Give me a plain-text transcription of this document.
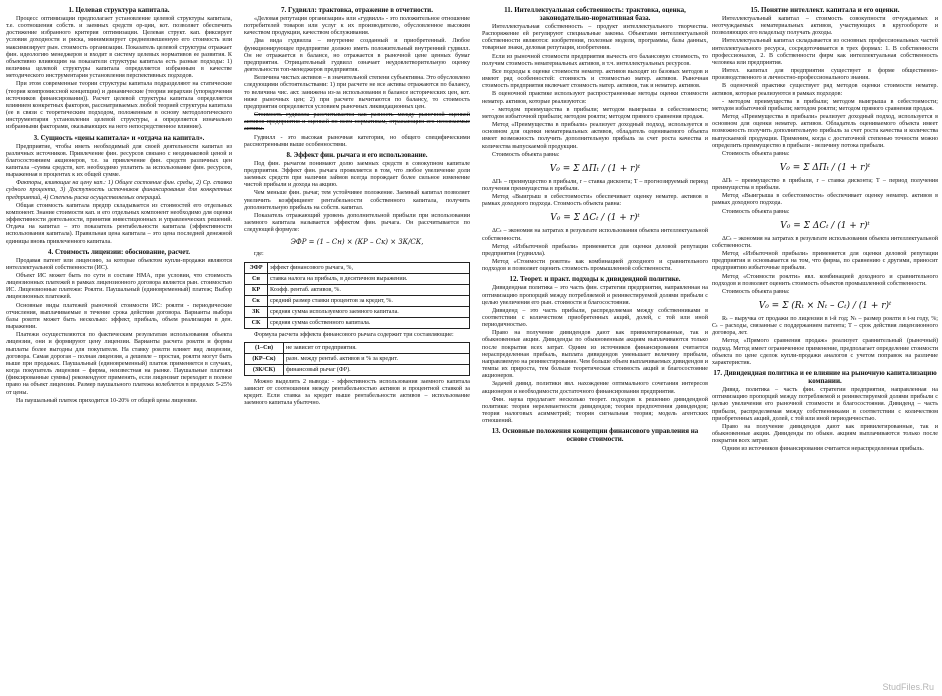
1. Целевая структура капитала.

Процесс оптимизации предполагает установление целевой структуры капитала, т.е. соотношения собств. и заемных средств ор-ции, кот. позволяет обеспечить достижение избранного критерия оптимизации. Целевая структ. кап. фиксирует условия доходности и риска, минимизирует средневзвешенную его стоимость или максимизирует рын. стоимость организации. Показатель целевой структуры отражает фин. идеологию менеджеров и входит в систему целевых нормативов ее развития. К объективно влияющим на показатели структуры капитала есть разные подходы: 1) величина целевой структуры капитала определяется избранным в качестве методического инструментария установления перспективных подходов.

При этом современные теории структуры капитала подразделяют на статические (теория компромиссной концепции) и динамические (теории иерархии (упорядочения источников финансирования)). Расчет целевой структуры капитала определяется влиянием конкретных факторов, рассматриваемых любой теорией структуры капитала (ее в связи с теоретическим подходом, положенным в основу методологического инструментария установления целевой структуры, а определяется изначально избранными факторами, оказывающих на него непосредственное влияние).

3. Сущность «цены капитала» и «отдача на капитал».

Предприятие, чтобы иметь необходимый для своей деятельности капитал из различных источников. Привлечение фин. ресурсов связано с неодинаковой ценой и благосостоянием акционеров, т.е. за привлечение фин. средств различных цен капитала –сумма средств, кот. необходимо уплатить за использование фин. ресурсов, выраженная в процентах к их общей сумме.

Факторы, влияющие на цену кап.: 1) Общее состояние фин. среды, 2) Ср. ставка судного процента, 3) Доступность источников финансирования для конкретных предприятий, 4) Степень риска осуществляемых операций.

Общая стоимость капитала предпр складывается из стоимостей его отдельных компонент. Знание стоимости кап. и его отдельных компонент необходимо для оценки эффективности деятельности, принятия инвестиционных и управленческих решений. Отдача на капитал – это показатель рентабельности капитала (эффективности использования капитала). Правильная цена капитала – это цена последней денежной единицы вновь привлеченного капитала.

4. Стоимость лицензии: обоснование, расчет.

Продавая патент или лицензию, за которые объектом купли-продажи являются интеллектуальной собственности (ИС).

Объект ИС может быть по сути в составе НМА, при условии, что стоимость лицензионных платежей в рамках лицензионного договора является рын. стоимостью ИС. Лицензионные платежи: Роялти. Паушальный (единовременный) платеж; Выбор лицензионных платежей.

Основные виды платежей рыночной стоимости ИС: роялти - периодические отчисления, выплачиваемые в течение срока действия договора. Варианты выбора базы роялти может быть несколько: эффект, прибыль, объем реализации в ден. выражении.

Платежи осуществляются по фактическим результатам использования объекта лицензии, они и формируют цену лицензии. Варианты расчета роялти и формы выплаты более выгодны для покупателя. На ставку роялти влияет вид лицензии, договора. Самая дорогая – полная лицензия, а дешевле – простая, роялти могут быть выше при продажах. Паушальный (единовременный) платеж применяется в случаях, когда покупатель лицензии – фирма, неизвестная на рынке. Паушальные платежи (фиксированные суммы) рекомендуют применять, если лицензиат переходит в полное право на объект лицензии. Размер паушального платежа колеблется в пределах 5-25% от цены.

На паушальный платеж приходится 10-20% от общей цены лицензии.

7. Гудвилл: трактовка, отражение в отчетности.

«Деловая репутация организации» или «гудвилл» - это положительное отношение потребителей товаров или услуг к их производителю, обусловленное высоким качеством продукции, качеством обслуживания.

Два вида гудвилла – внутренне созданный и приобретенный. Любое функционирующее предприятие должно иметь положительный внутренний гудвилл. Он не отражается в балансе, но отражается в рыночной цене ценных бумаг предприятия. Отрицательный гудвилл означает неудовлетворительную оценку деятельности топ-менеджеров предприятия.

Величина чистых активов – в значительной степени субъективна. Это обусловлено следующими обстоятельствами: 1) при расчете не все активы отражаются по балансу, то величина чис. акт. занижена из-за использования в балансе исторических цен, кот. ниже рыночных цен; 2) при расчете вычитаются по балансу, то стоимость предприятия определяется условием рыночных ликвидационных цен.

Стоимость гудвилла рассчитывается как разность между рыночной оценкой активов предприятия и оценкой по всем нормативам, отражающим его неосязаемые активы.

Гудвилл - это высокая рыночная категория, но общего специфическими рассмотренными выше особенностями.

8. Эффект фин. рычага и его использование.

Под фин. рычагом понимают долю заемных средств в совокупном капитале предприятия. Эффект фин. рычага проявляется в том, что любое увеличение доли заемных средств при наличии займов всегда порождает более сильное изменение чистой прибыли и дохода на акцию.

Чем меньше фин. рычаг, тем устойчивее положение. Заемный капитал позволяет увеличить коэффициент рентабельности собственного капитала, получить дополнительную прибыль на собств. капитал.

Показатель отражающий уровень дополнительной прибыли при использовании заемного капитала называется эффектом фин. рычага. Он рассчитывается по следующей формуле:

ЭФР = (1 – Сн) × (КР – Ск) × ЗК/СК,

где:

ЭФР	эффект финансового рычага, %,
Сн	ставка налога на прибыль, в десятичном выражении.
КР	Коэфф. рентаб. активов, %.
Ск	средний размер ставки процентов за кредит, %.
ЗК	средняя сумма используемого заемного капитала.
СК	средняя сумма собственного капитала.

Формула расчета эффекта финансового рычага содержит три составляющие:

(1–Сн)	не зависит от предприятия.
(КР–Ск)	разн. между рентаб. активов и % за кредит.
(ЗК/СК)	финансовый рычаг (ФР).

Можно выделить 2 вывода: - эффективность использования заемного капитала зависит от соотношения между рентабельностью активов и процентной ставкой за кредит. Если ставка за кредит выше рентабельности активов – использование заемного капитала убыточно.

11. Интеллектуальная собственность: трактовка, оценка, законодательно-нормативная база.

Интеллектуальная собственность – продукт интеллектуального творчества. Распоряжение ей регулируют специальные законы. Объектами интеллектуальной собственности являются: изобретения, полезные модели, программы, базы данных, товарные знаки, деловая репутация, изобретения.

Если из рыночной стоимости предприятия вычесть его балансовую стоимость, то получим стоимость нематериальных активов, в т.ч. интеллектуальных ресурсов.

Все подходы к оценке стоимости нематер. активов выходят из базовых методов и имеют ряд особенностей: стоимость и стоимостью матер. активов. Рыночная стоимость предприятия включает стоимость матер. активов, так и нематер. активов.

В оценочной практике используют распространенные методы оценки стоимости нематер. активов, которые реализуются:

- методом преимущества в прибыли; методом выигрыша в себестоимости; методом избыточной прибыли; методом роялти; методом прямого сравнения продаж.

Метод «Преимущества в прибыли» реализует доходный подход, используется в основном для оценки нематериальных активов, обладатель оцениваемого объекта имеет возможность получить дополнительную прибыль за счет роста качества и количества выпускаемой продукции.

Стоимость объекта равна:

V₀ = Σ ΔПₜ / (1 + r)ᵗ

ΔПₜ – преимущество в прибыли, r – ставка дисконта; Т – прогнозируемый период получения преимущества в прибыли.

Метод «Выигрыш в себестоимости» обеспечивает оценку нематер. активов в рамках доходного подхода. Стоимость объекта равна:

V₀ = Σ ΔCₜ / (1 + r)ᵗ

ΔCₜ – экономия на затратах в результате использования объекта интеллектуальной собственности.

Метод «Избыточной прибыли» применяется для оценки деловой репутации предприятия (гудвилла).

Метод «Стоимости роялти» как комбинацией доходного и сравнительного подходов и позволяет оценить стоимость промышленной собственности.

12. Теорет. и практ. подходы к дивидендной политике.

Дивидендная политика – это часть фин. стратегии предприятия, направленная на оптимизацию пропорций между потребляемой и реинвестируемой долями прибыли с целью увеличения его рын. стоимости и благосостояния.

Дивиденд – это часть прибыли, распределяемая между собственниками в соответствии с количеством приобретенных акций, долей, с той или иной периодичностью.

Право на получение дивидендов дают как привилегированные, так и обыкновенные акции. Дивиденды по обыкновенным акциям выплачиваются только после покрытия всех затрат. Одним из источников финансирования считается нераспределенная прибыль, выплата дивидендов уменьшает величину прибыли, направляемую на реинвестирование. Чем больше объем выплачиваемых дивидендов и темпы их прироста, тем больше теоретическая стоимость акций и благосостояние акционеров.

Задачей дивид. политики явл. нахождение оптимального сочетания интересов акционеров и необходимости достаточного финансирования предприятия.

Фин. наука предлагает несколько теорет. подходов к решению дивидендной политики: теория нерелевантности дивидендов; теория предпочтения дивидендов; теория налоговых асимметрий; теория сигнальная теория; модель агентских отношений.

13. Основные положения концепции финансового управления на основе стоимости.
15. Понятие интеллект. капитала и его оценки.

Интеллектуальный капитал – стоимость совокупности отчуждаемых и неотчуждаемых нематериальных активов, участвующих в кругообороте и позволяющих его владельцу получать доходы.

Интеллектуальный капитал складывается из основных профессиональных частей интеллектуального ресурса, сосредоточивается в трех формах: 1. В собственности профессионалов, 2. В собственности фирм как интеллектуальная собственность человека или предприятия.

Интел. капитал для предприятия существует в форме общественно-производственного и личностно-профессионального знания.

В оценочной практике существует ряд методов оценки стоимости нематер. активов, которые реализуются в рамках подходов:

- методом преимущества в прибыли; методом выигрыша в себестоимости; методом избыточной прибыли; методом роялти; методом прямого сравнения продаж.

Метод «Преимущества в прибыли» реализует доходный подход, используется в основном для оценки нематер. активов. Обладатель оцениваемого объекта имеет возможность получить дополнительную прибыль за счет роста качества и количества выпускаемой продукции. Применим, когда с достаточной степенью точности можно определить преимущество в прибыли - величину потока прибыли.

Стоимость объекта равна:

V₀ = Σ ΔПₜ / (1 + r)ᵗ

ΔПₜ – преимущество в прибыли, r – ставка дисконта; Т – период получения преимущества в прибыли.

Метод «Выигрыша в себестоимости» обеспечивает оценку нематер. активов в рамках доходного подхода.

Стоимость объекта равна:

V₀ = Σ ΔCₜ / (1 + r)ᵗ

ΔCₜ – экономия на затратах в результате использования объекта интеллектуальной собственности.

Метод «Избыточной прибыли» применяется для оценки деловой репутации предприятия и основывается на том, что фирма, по сравнению с другими, приносит предприятию избыточные прибыли.

Метод «Стоимости роялти» явл. комбинацией доходного и сравнительного подходов и позволяет оценить стоимость объектов промышленной собственности.

Стоимость объекта равна:

V₀ = Σ (Rₜ × Nₜ – Cₜ) / (1 + r)ᵗ

Rₜ – выручка от продажи по лицензии в t-й год; Nₜ – размер роялти в t-м году, %; Cₜ – расходы, связанные с поддержанием патента; Т – срок действия лицензионного договора, лет.

Метод «Прямого сравнения продаж» реализует сравнительный (рыночный) подход. Метод имеет ограниченное применение, предполагает определение стоимости объекта по цене сделок купли-продажи аналогов с учетом поправок на различие характеристик.

17. Дивидендная политика и ее влияние на рыночную капитализацию компании.

Дивид. политика – часть фин. стратегии предприятия, направленная на оптимизацию пропорций между потребляемой и реинвестируемой долями прибыли с целью увеличения его рыночной стоимости и благосостояния. Дивиденд – часть прибыли, распределяемая между собственниками в соответствии с количеством приобретенных акций, долей, с той или иной периодичностью.

Право на получение дивидендов дают как привилегированные, так и обыкновенные акции. Дивиденды по обыкн. акциям выплачиваются только после покрытия всех затрат.

Одним из источников финансирования считается нераспределенная прибыль.

StudFiles.Ru
